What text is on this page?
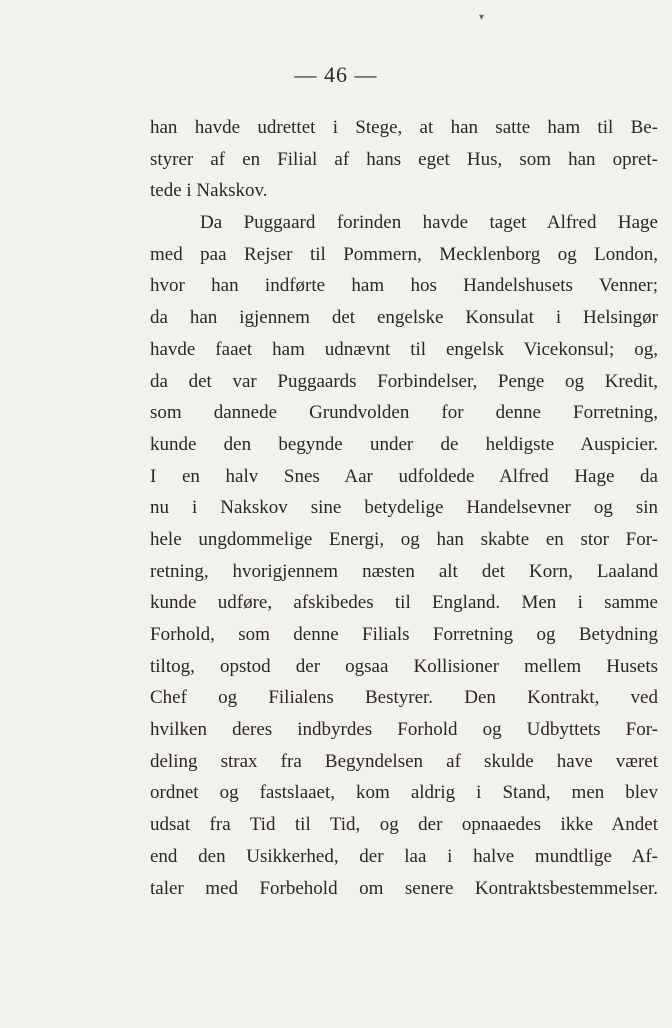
▾
— 46 —
han havde udrettet i Stege, at han satte ham til Be-
styrer af en Filial af hans eget Hus, som han opret-
tede i Nakskov.
Da Puggaard forinden havde taget Alfred Hage
med paa Rejser til Pommern, Mecklenborg og London,
hvor han indførte ham hos Handelshusets Venner;
da han igjennem det engelske Konsulat i Helsingør
havde faaet ham udnævnt til engelsk Vicekonsul; og,
da det var Puggaards Forbindelser, Penge og Kredit,
som dannede Grundvolden for denne Forretning,
kunde den begynde under de heldigste Auspicier.
I en halv Snes Aar udfoldede Alfred Hage da
nu i Nakskov sine betydelige Handelsevner og sin
hele ungdommelige Energi, og han skabte en stor For-
retning, hvorigjennem næsten alt det Korn, Laaland
kunde udføre, afskibedes til England. Men i samme
Forhold, som denne Filials Forretning og Betydning
tiltog, opstod der ogsaa Kollisioner mellem Husets
Chef og Filialens Bestyrer. Den Kontrakt, ved
hvilken deres indbyrdes Forhold og Udbyttets For-
deling strax fra Begyndelsen af skulde have været
ordnet og fastslaaet, kom aldrig i Stand, men blev
udsat fra Tid til Tid, og der opnaaedes ikke Andet
end den Usikkerhed, der laa i halve mundtlige Af-
taler med Forbehold om senere Kontraktsbestemmelser.
